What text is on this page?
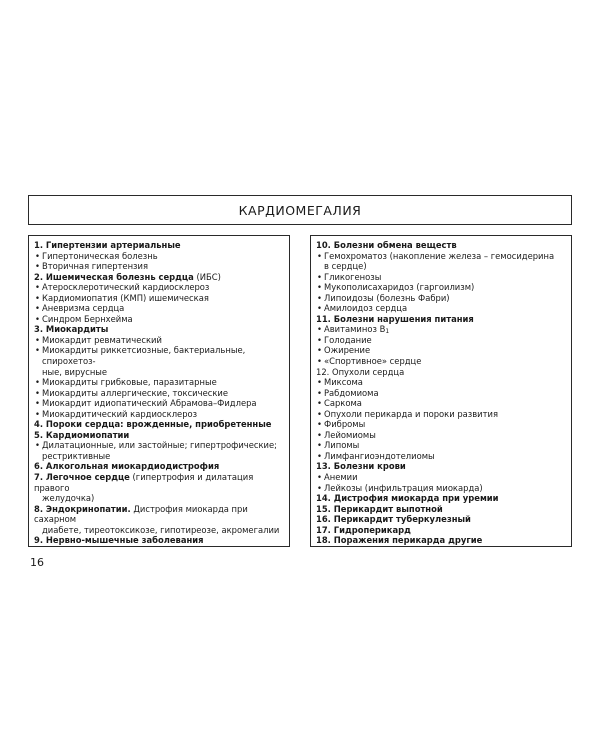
КАРДИОМЕГАЛИЯ
1. Гипертензии артериальные
• Гипертоническая болезнь
• Вторичная гипертензия
2. Ишемическая болезнь сердца (ИБС)
• Атеросклеротический кардиосклероз
• Кардиомиопатия (КМП) ишемическая
• Аневризма сердца
• Синдром Бернхейма
3. Миокардиты
• Миокардит ревматический
• Миокардиты риккетсиозные, бактериальные, спирохетоз-
ные, вирусные
• Миокардиты грибковые, паразитарные
• Миокардиты аллергические, токсические
• Миокардит идиопатический Абрамова–Фидлера
• Миокардитический кардиосклероз
4. Пороки сердца: врожденные, приобретенные
5. Кардиомиопатии
• Дилатационные, или застойные; гипертрофические;
рестриктивные
6. Алкогольная миокардиодистрофия
7. Легочное сердце (гипертрофия и дилатация правого
желудочка)
8. Эндокринопатии. Дистрофия миокарда при сахарном
диабете, тиреотоксикозе, гипотиреозе, акромегалии
9. Нервно-мышечные заболевания
10. Болезни обмена веществ
• Гемохроматоз (накопление железа – гемосидерина
в сердце)
• Гликогенозы
• Мукополисахаридоз (гаргоилизм)
• Липоидозы (болезнь Фабри)
• Амилоидоз сердца
11. Болезни нарушения питания
• Авитаминоз $B_1$
• Голодание
• Ожирение
• «Спортивное» сердце
12. Опухоли сердца
• Миксома
• Рабдомиома
• Саркома
• Опухоли перикарда и пороки развития
• Фибромы
• Лейомиомы
• Липомы
• Лимфангиоэндотелиомы
13. Болезни крови
• Анемии
• Лейкозы (инфильтрация миокарда)
14. Дистрофия миокарда при уремии
15. Перикардит выпотной
16. Перикардит туберкулезный
17. Гидроперикард
18. Поражения перикарда другие
16
